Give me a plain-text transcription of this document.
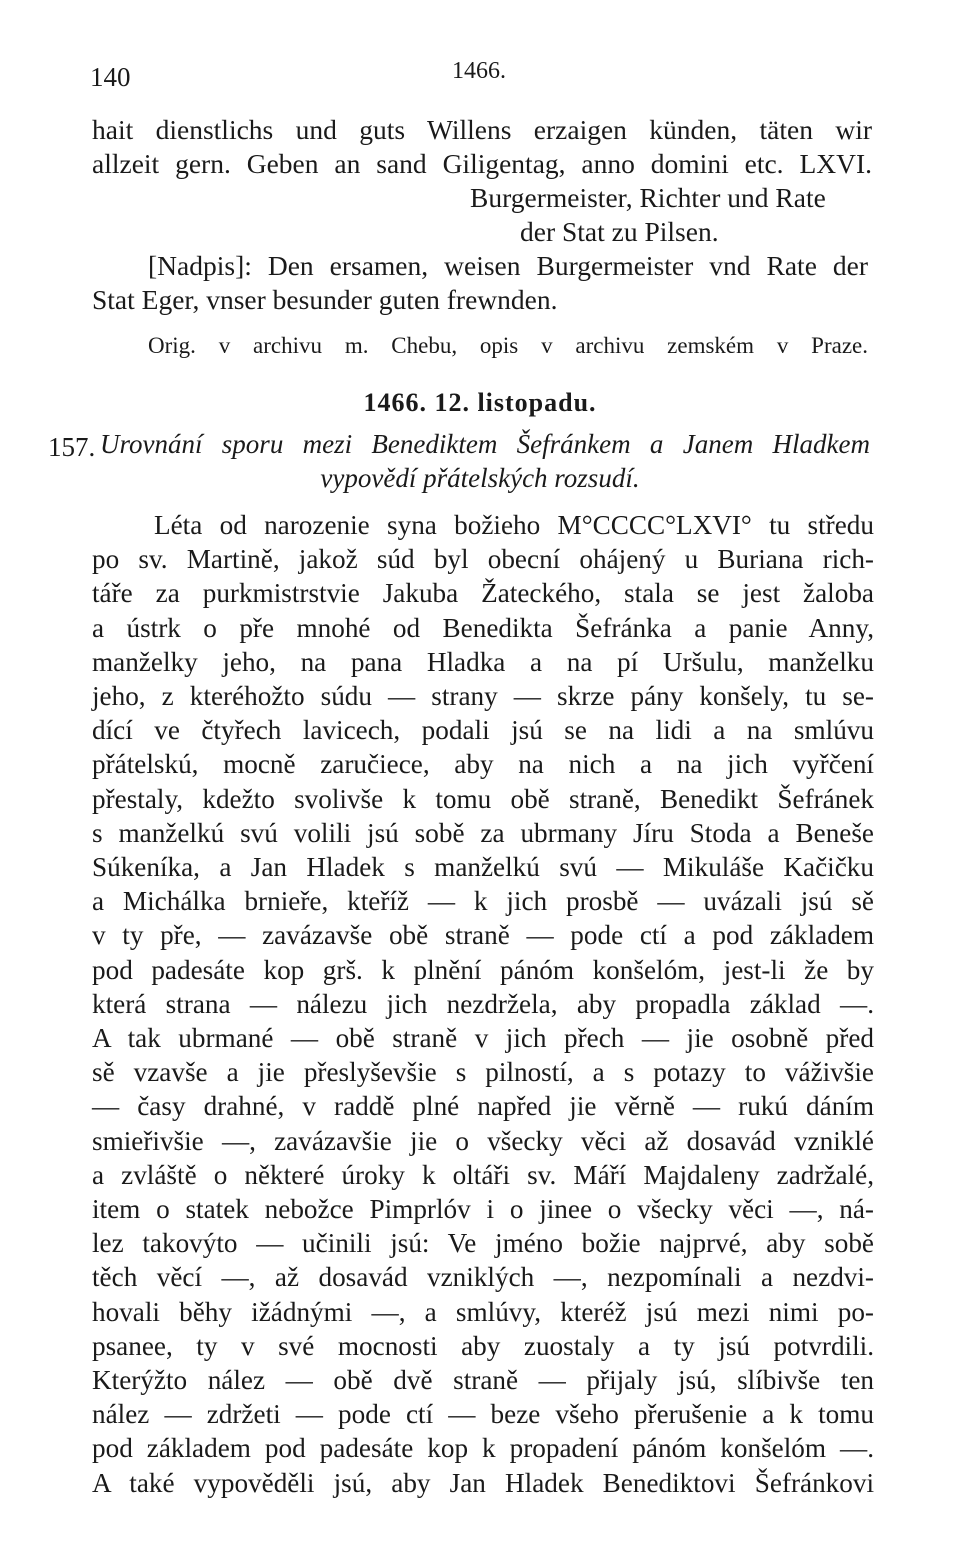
140	1466.
hait dienstlichs und guts Willens erzaigen künden, täten wir
allzeit gern. Geben an sand Giligentag, anno domini etc. LXVI.
Burgermeister, Richter und Rate
der Stat zu Pilsen.
[Nadpis]: Den ersamen, weisen Burgermeister vnd Rate der
Stat Eger, vnser besunder guten frewnden.
Orig. v archivu m. Chebu, opis v archivu zemském v Praze.
1466. 12. listopadu.
157. Urovnání sporu mezi Benediktem Šefránkem a Janem Hladkem
vypovědí přátelských rozsudí.
Léta od narozenie syna božieho M°CCCC°LXVI° tu středu
po sv. Martině, jakož súd byl obecní ohájený u Buriana rich-
tářе za purkmistrstvie Jakuba Žateckého, stala se jest žaloba
a ústrk o pře mnohé od Benedikta Šefránka a panie Anny,
manželky jeho, na pana Hladka a na pí Uršulu, manželku
jeho, z kteréhožto súdu — strany — skrze pány konšely, tu se-
dící ve čtyřech lavicech, podali jsú se na lidi a na smlúvu
přátelskú, mocně zaručiece, aby na nich a na jich vyřčení
přestaly, kdežto svolivše k tomu obě straně, Benedikt Šefránek
s manželkú svú volili jsú sobě za ubrmany Jíru Stoda a Beneše
Súkeníka, a Jan Hladek s manželkú svú — Mikuláše Kačičku
a Michálka brnieře, kteříž — k jich prosbě — uvázali jsú sě
v ty pře, — zavázavše obě straně — pode ctí a pod základem
pod padesáte kop grš. k plnění pánóm konšelóm, jest-li že by
která strana — nálezu jich nezdržela, aby propadla základ —.
A tak ubrmané — obě straně v jich přech — jie osobně před
sě vzavše a jie přeslyševšie s pilností, a s potazy to váživšie
— časy drahné, v raddě plné napřed jie věrně — rukú dáním
smieřivšie —, zavázavšie jie o všecky věci až dosavád vzniklé
a zvláště o některé úroky k oltáři sv. Máří Majdaleny zadržalé,
item o statek nebožce Pimprlóv i o jinee o všecky věci —, ná-
lez takovýto — učinili jsú: Ve jméno božie najprvé, aby sobě
těch věcí —, až dosavád vzniklých —, nezpomínali a nezdvi-
hovali běhy ižádnými —, a smlúvy, kteréž jsú mezi nimi po-
psanee, ty v své mocnosti aby zuostaly a ty jsú potvrdili.
Kterýžto nález — obě dvě straně — přijaly jsú, slíbivše ten
nález — zdržeti — pode ctí — beze všeho přerušenie a k tomu
pod základem pod padesáte kop k propadení pánóm konšelóm —.
A také vypověděli jsú, aby Jan Hladek Benediktovi Šefránkovi
